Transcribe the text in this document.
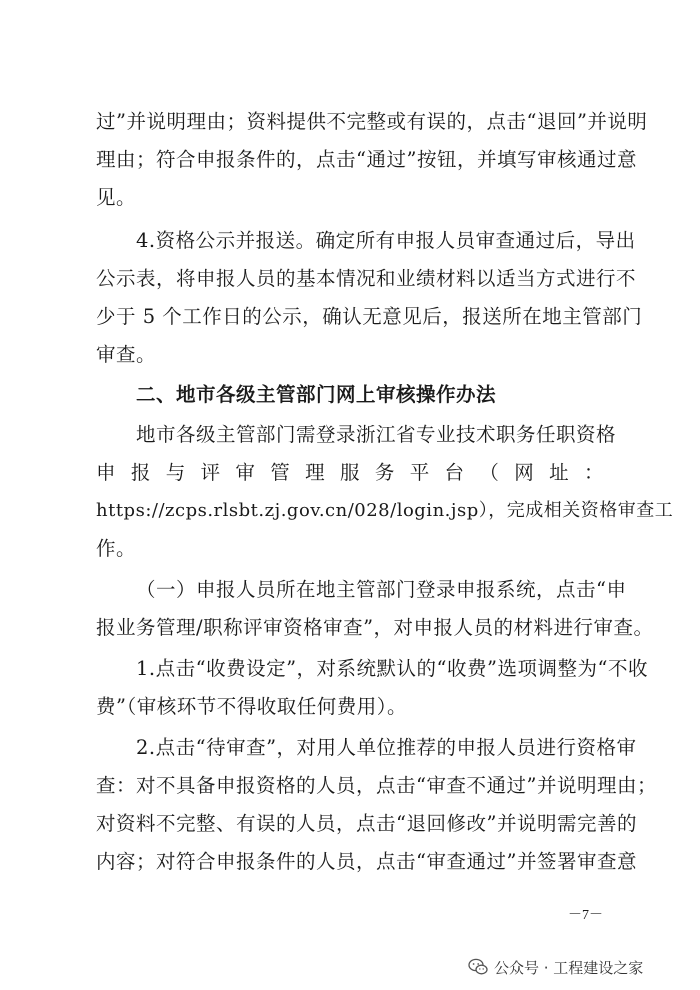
过”并说明理由；资料提供不完整或有误的，点击“退回”并说明
理由；符合申报条件的，点击“通过”按钮，并填写审核通过意
见。
4.资格公示并报送。确定所有申报人员审查通过后，导出
公示表，将申报人员的基本情况和业绩材料以适当方式进行不
少于 5 个工作日的公示，确认无意见后，报送所在地主管部门
审查。
二、地市各级主管部门网上审核操作办法
地市各级主管部门需登录浙江省专业技术职务任职资格
申报与评审管理服务平台（网址：
https://zcps.rlsbt.zj.gov.cn/028/login.jsp），完成相关资格审查工
作。
（一）申报人员所在地主管部门登录申报系统，点击“申
报业务管理/职称评审资格审查”，对申报人员的材料进行审查。
1.点击“收费设定”，对系统默认的“收费”选项调整为“不收
费”（审核环节不得收取任何费用）。
2.点击“待审查”，对用人单位推荐的申报人员进行资格审
查：对不具备申报资格的人员，点击“审查不通过”并说明理由；
对资料不完整、有误的人员，点击“退回修改”并说明需完善的
内容；对符合申报条件的人员，点击“审查通过”并签署审查意
－7－
公众号 · 工程建设之家
